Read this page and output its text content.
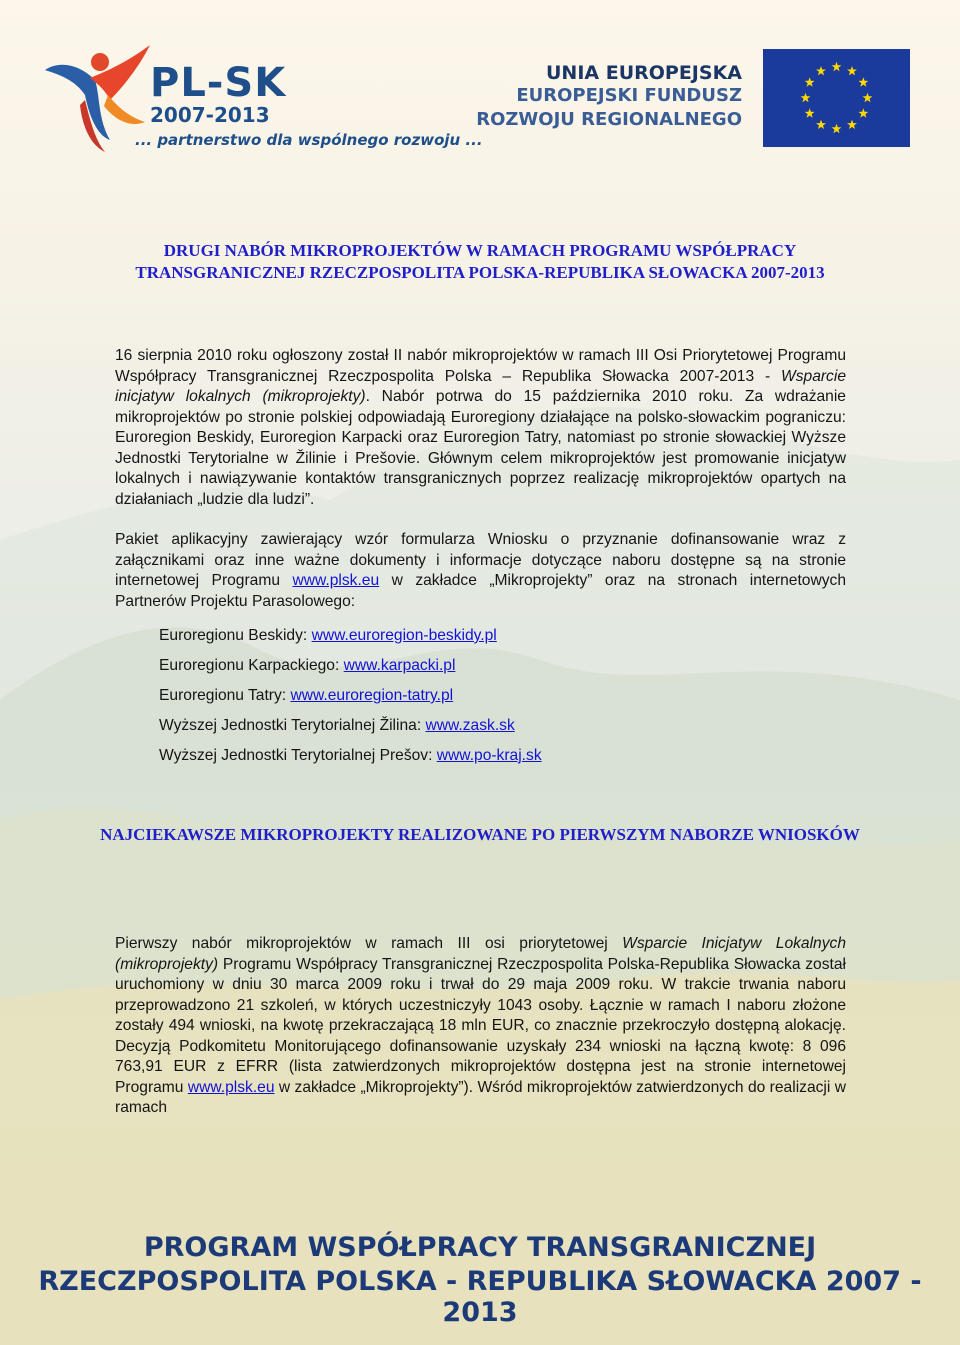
PL-SK
2007-2013
... partnerstwo dla wspólnego rozwoju ...
UNIA EUROPEJSKA
EUROPEJSKI FUNDUSZ
ROZWOJU REGIONALNEGO
DRUGI NABÓR MIKROPROJEKTÓW W RAMACH PROGRAMU WSPÓŁPRACY TRANSGRANICZNEJ RZECZPOSPOLITA POLSKA-REPUBLIKA SŁOWACKA 2007-2013

16 sierpnia 2010 roku ogłoszony został II nabór mikroprojektów w ramach III Osi Priorytetowej Programu Współpracy Transgranicznej Rzeczpospolita Polska – Republika Słowacka 2007-2013 - Wsparcie inicjatyw lokalnych (mikroprojekty). Nabór potrwa do 15 października 2010 roku. Za wdrażanie mikroprojektów po stronie polskiej odpowiadają Euroregiony działające na polsko-słowackim pograniczu: Euroregion Beskidy, Euroregion Karpacki oraz Euroregion Tatry, natomiast po stronie słowackiej Wyższe Jednostki Terytorialne w Žilinie i Prešovie. Głównym celem mikroprojektów jest promowanie inicjatyw lokalnych i nawiązywanie kontaktów transgranicznych poprzez realizację mikroprojektów opartych na działaniach „ludzie dla ludzi”.

Pakiet aplikacyjny zawierający wzór formularza Wniosku o przyznanie dofinansowanie wraz z załącznikami oraz inne ważne dokumenty i informacje dotyczące naboru dostępne są na stronie internetowej Programu www.plsk.eu w zakładce „Mikroprojekty” oraz na stronach internetowych Partnerów Projektu Parasolowego:

Euroregionu Beskidy: www.euroregion-beskidy.pl
Euroregionu Karpackiego: www.karpacki.pl
Euroregionu Tatry: www.euroregion-tatry.pl
Wyższej Jednostki Terytorialnej Žilina: www.zask.sk
Wyższej Jednostki Terytorialnej Prešov: www.po-kraj.sk
NAJCIEKAWSZE MIKROPROJEKTY REALIZOWANE PO PIERWSZYM NABORZE WNIOSKÓW

Pierwszy nabór mikroprojektów w ramach III osi priorytetowej Wsparcie Inicjatyw Lokalnych (mikroprojekty) Programu Współpracy Transgranicznej Rzeczpospolita Polska-Republika Słowacka został uruchomiony w dniu 30 marca 2009 roku i trwał do 29 maja 2009 roku. W trakcie trwania naboru przeprowadzono 21 szkoleń, w których uczestniczyły 1043 osoby. Łącznie w ramach I naboru złożone zostały 494 wnioski, na kwotę przekraczającą 18 mln EUR, co znacznie przekroczyło dostępną alokację. Decyzją Podkomitetu Monitorującego dofinansowanie uzyskały 234 wnioski na łączną kwotę: 8 096 763,91 EUR z EFRR (lista zatwierdzonych mikroprojektów dostępna jest na stronie internetowej Programu www.plsk.eu w zakładce „Mikroprojekty”). Wśród mikroprojektów zatwierdzonych do realizacji w ramach

PROGRAM WSPÓŁPRACY TRANSGRANICZNEJ
RZECZPOSPOLITA POLSKA - REPUBLIKA SŁOWACKA 2007 - 2013
